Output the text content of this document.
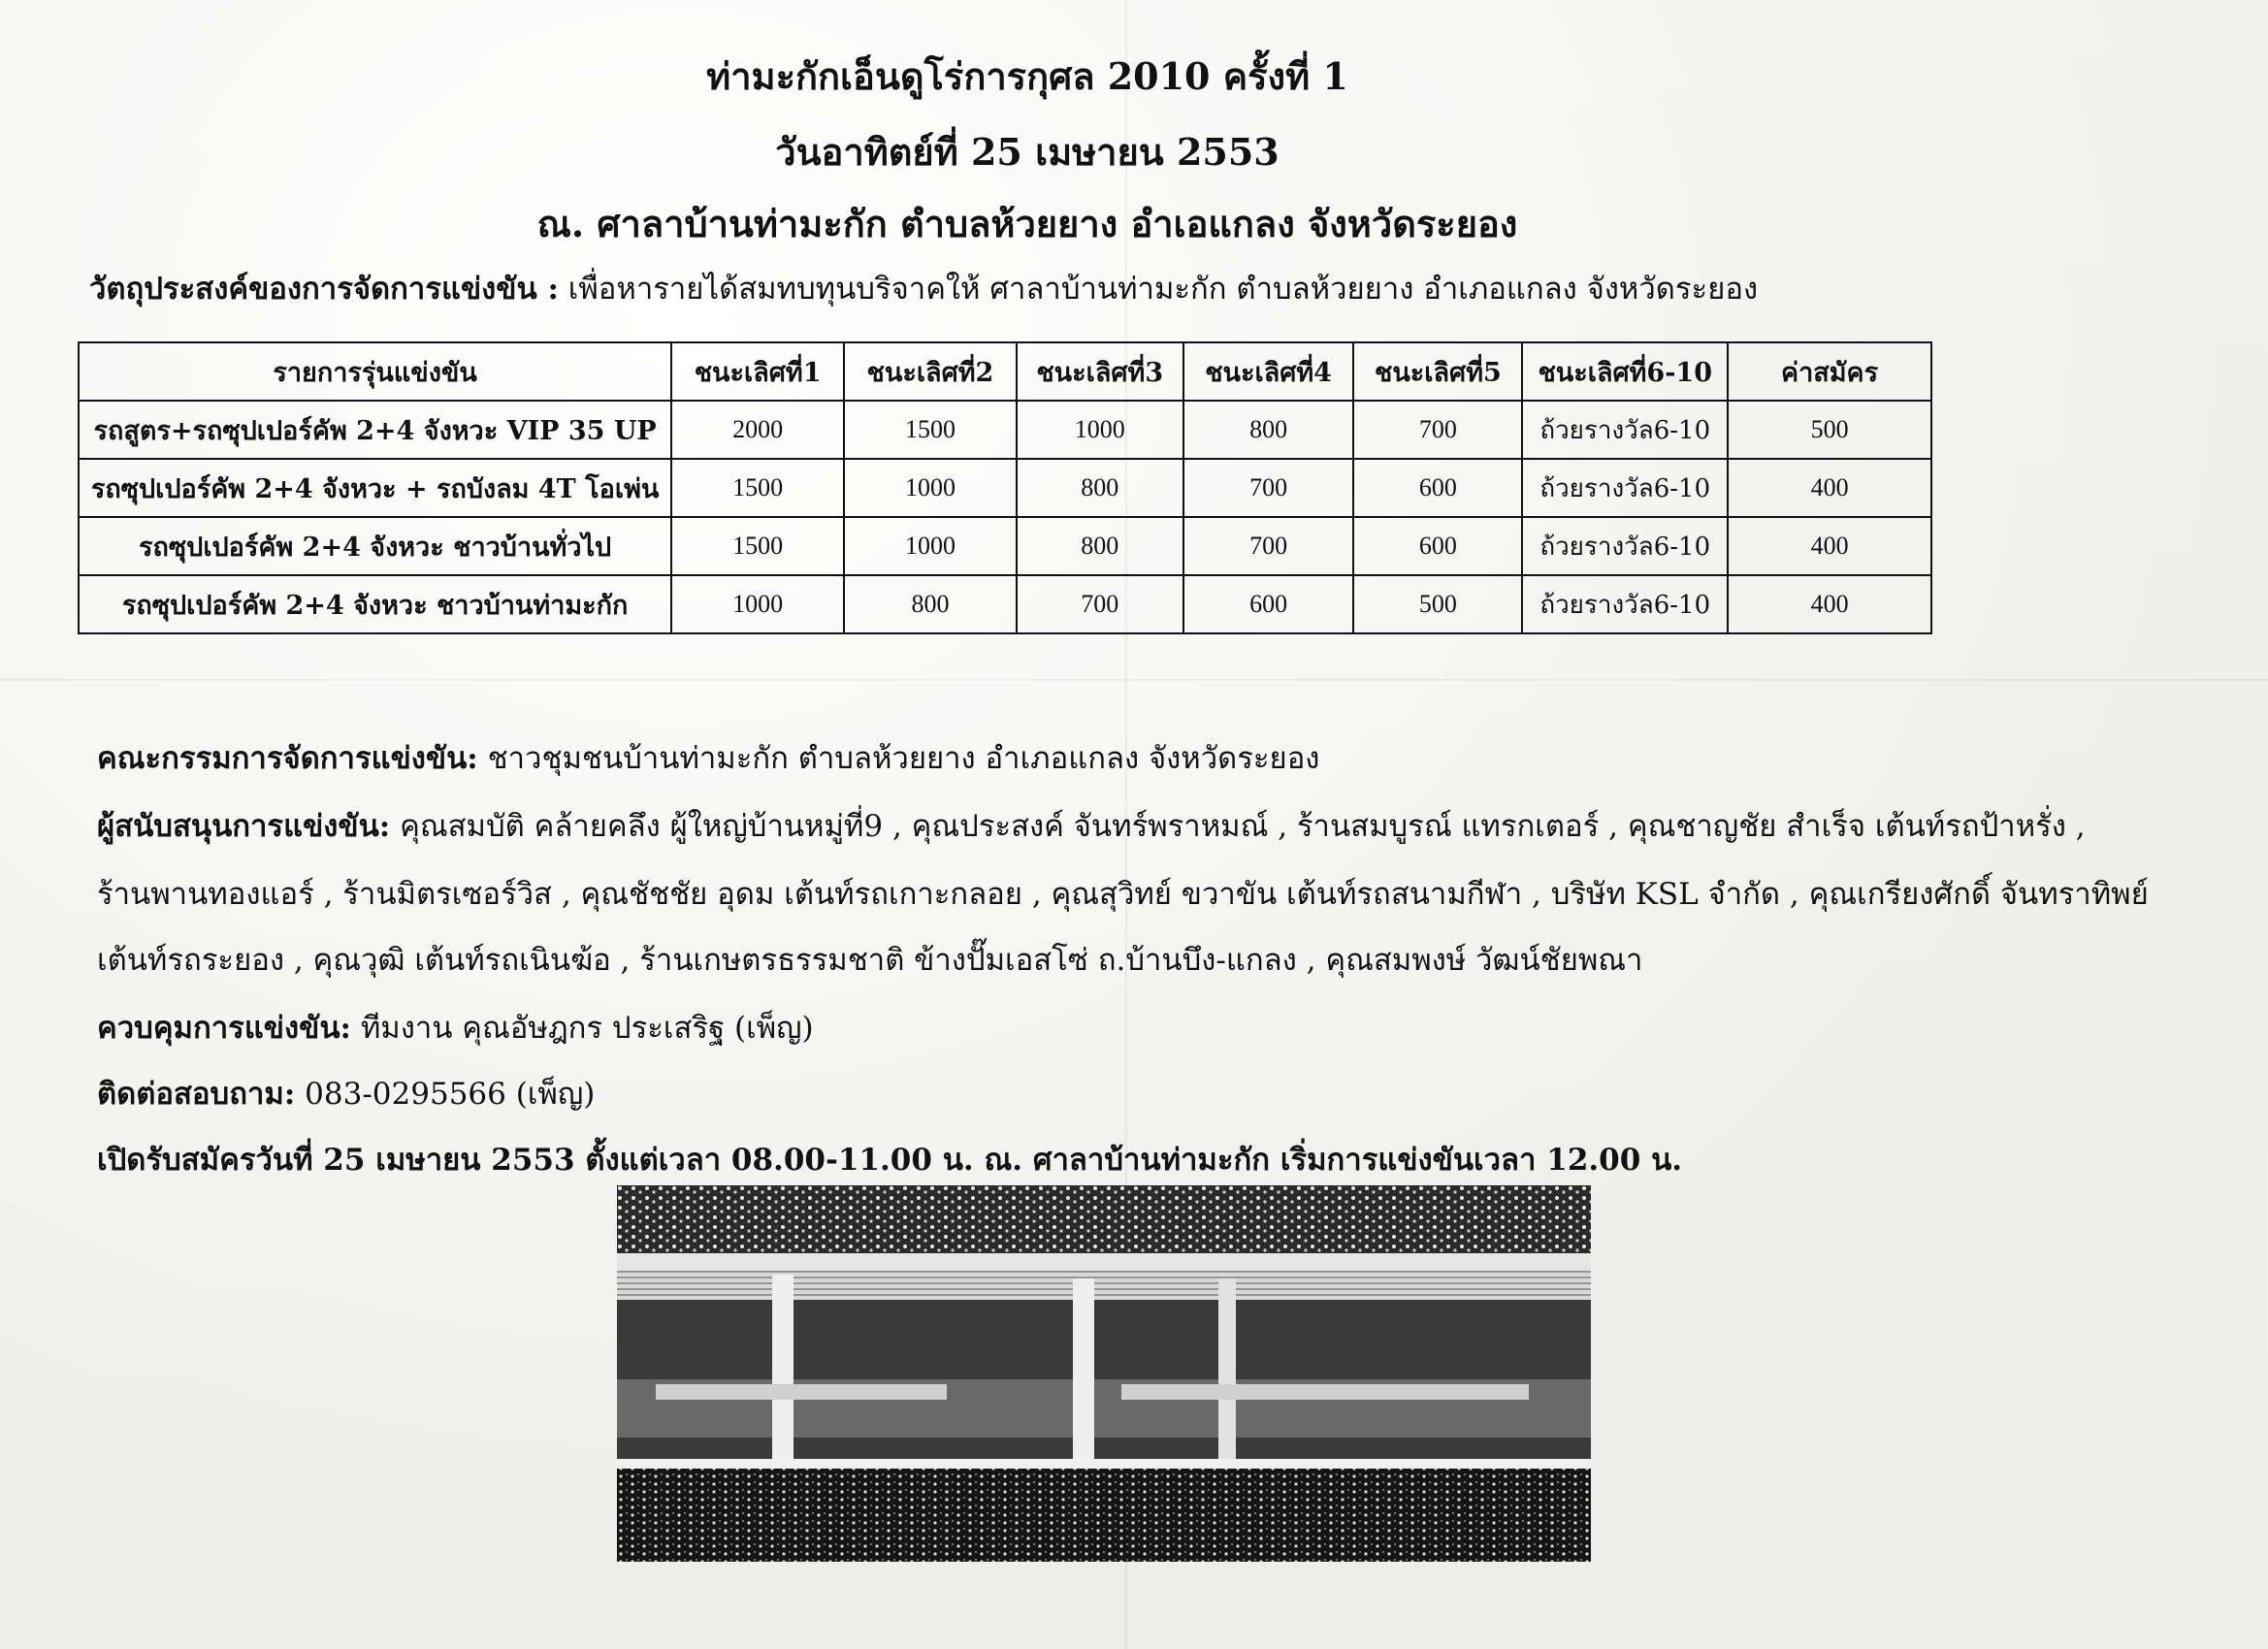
ท่ามะกักเอ็นดูโร่การกุศล 2010 ครั้งที่ 1
วันอาทิตย์ที่ 25 เมษายน 2553
ณ. ศาลาบ้านท่ามะกัก ตำบลห้วยยาง อำเอแกลง จังหวัดระยอง
วัตถุประสงค์ของการจัดการแข่งขัน : เพื่อหารายได้สมทบทุนบริจาคให้ ศาลาบ้านท่ามะกัก ตำบลห้วยยาง อำเภอแกลง จังหวัดระยอง
รายการรุ่นแข่งขัน	ชนะเลิศที่1	ชนะเลิศที่2	ชนะเลิศที่3	ชนะเลิศที่4	ชนะเลิศที่5	ชนะเลิศที่6-10	ค่าสมัคร
รถสูตร+รถซุปเปอร์คัพ 2+4 จังหวะ VIP 35 UP	2000	1500	1000	800	700	ถ้วยรางวัล6-10	500
รถซุปเปอร์คัพ 2+4 จังหวะ + รถบังลม 4T โอเพ่น	1500	1000	800	700	600	ถ้วยรางวัล6-10	400
รถซุปเปอร์คัพ 2+4 จังหวะ ชาวบ้านทั่วไป	1500	1000	800	700	600	ถ้วยรางวัล6-10	400
รถซุปเปอร์คัพ 2+4 จังหวะ ชาวบ้านท่ามะกัก	1000	800	700	600	500	ถ้วยรางวัล6-10	400
คณะกรรมการจัดการแข่งขัน: ชาวชุมชนบ้านท่ามะกัก ตำบลห้วยยาง อำเภอแกลง จังหวัดระยอง
ผู้สนับสนุนการแข่งขัน: คุณสมบัติ คล้ายคลึง ผู้ใหญ่บ้านหมู่ที่9 , คุณประสงค์ จันทร์พราหมณ์ , ร้านสมบูรณ์ แทรกเตอร์ , คุณชาญชัย สำเร็จ เต้นท์รถป้าหรั่ง ,
ร้านพานทองแอร์ , ร้านมิตรเซอร์วิส , คุณชัชชัย อุดม เต้นท์รถเกาะกลอย , คุณสุวิทย์ ขวาขัน เต้นท์รถสนามกีฬา , บริษัท KSL จำกัด , คุณเกรียงศักดิ์ จันทราทิพย์
เต้นท์รถระยอง , คุณวุฒิ เต้นท์รถเนินฆ้อ , ร้านเกษตรธรรมชาติ ข้างปั๊มเอสโซ่ ถ.บ้านบึง-แกลง , คุณสมพงษ์ วัฒน์ชัยพณา
ควบคุมการแข่งขัน: ทีมงาน คุณอัษฎกร ประเสริฐ (เพ็ญ)
ติดต่อสอบถาม: 083-0295566 (เพ็ญ)
เปิดรับสมัครวันที่ 25 เมษายน 2553 ตั้งแต่เวลา 08.00-11.00 น. ณ. ศาลาบ้านท่ามะกัก เริ่มการแข่งขันเวลา 12.00 น.
